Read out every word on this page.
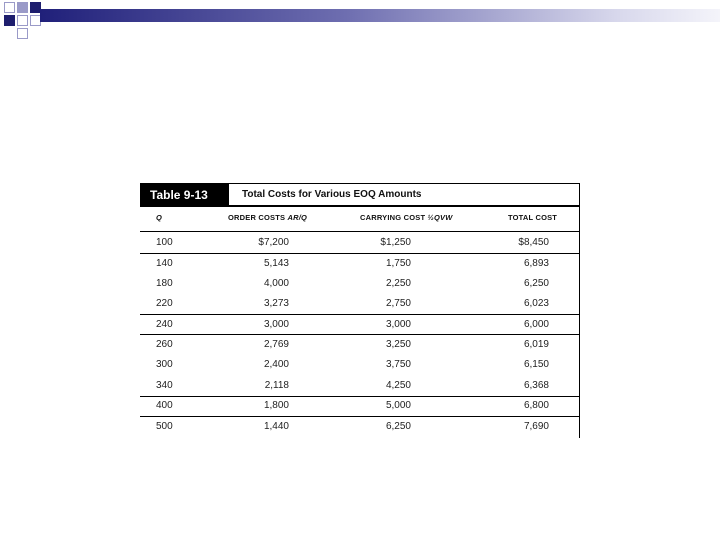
Table 9-13	Total Costs for Various EOQ Amounts
Q	ORDER COSTS AR/Q	CARRYING COST ½QVW	TOTAL COST
100	$7,200	$1,250	$8,450
140	5,143	1,750	6,893
180	4,000	2,250	6,250
220	3,273	2,750	6,023
240	3,000	3,000	6,000
260	2,769	3,250	6,019
300	2,400	3,750	6,150
340	2,118	4,250	6,368
400	1,800	5,000	6,800
500	1,440	6,250	7,690
